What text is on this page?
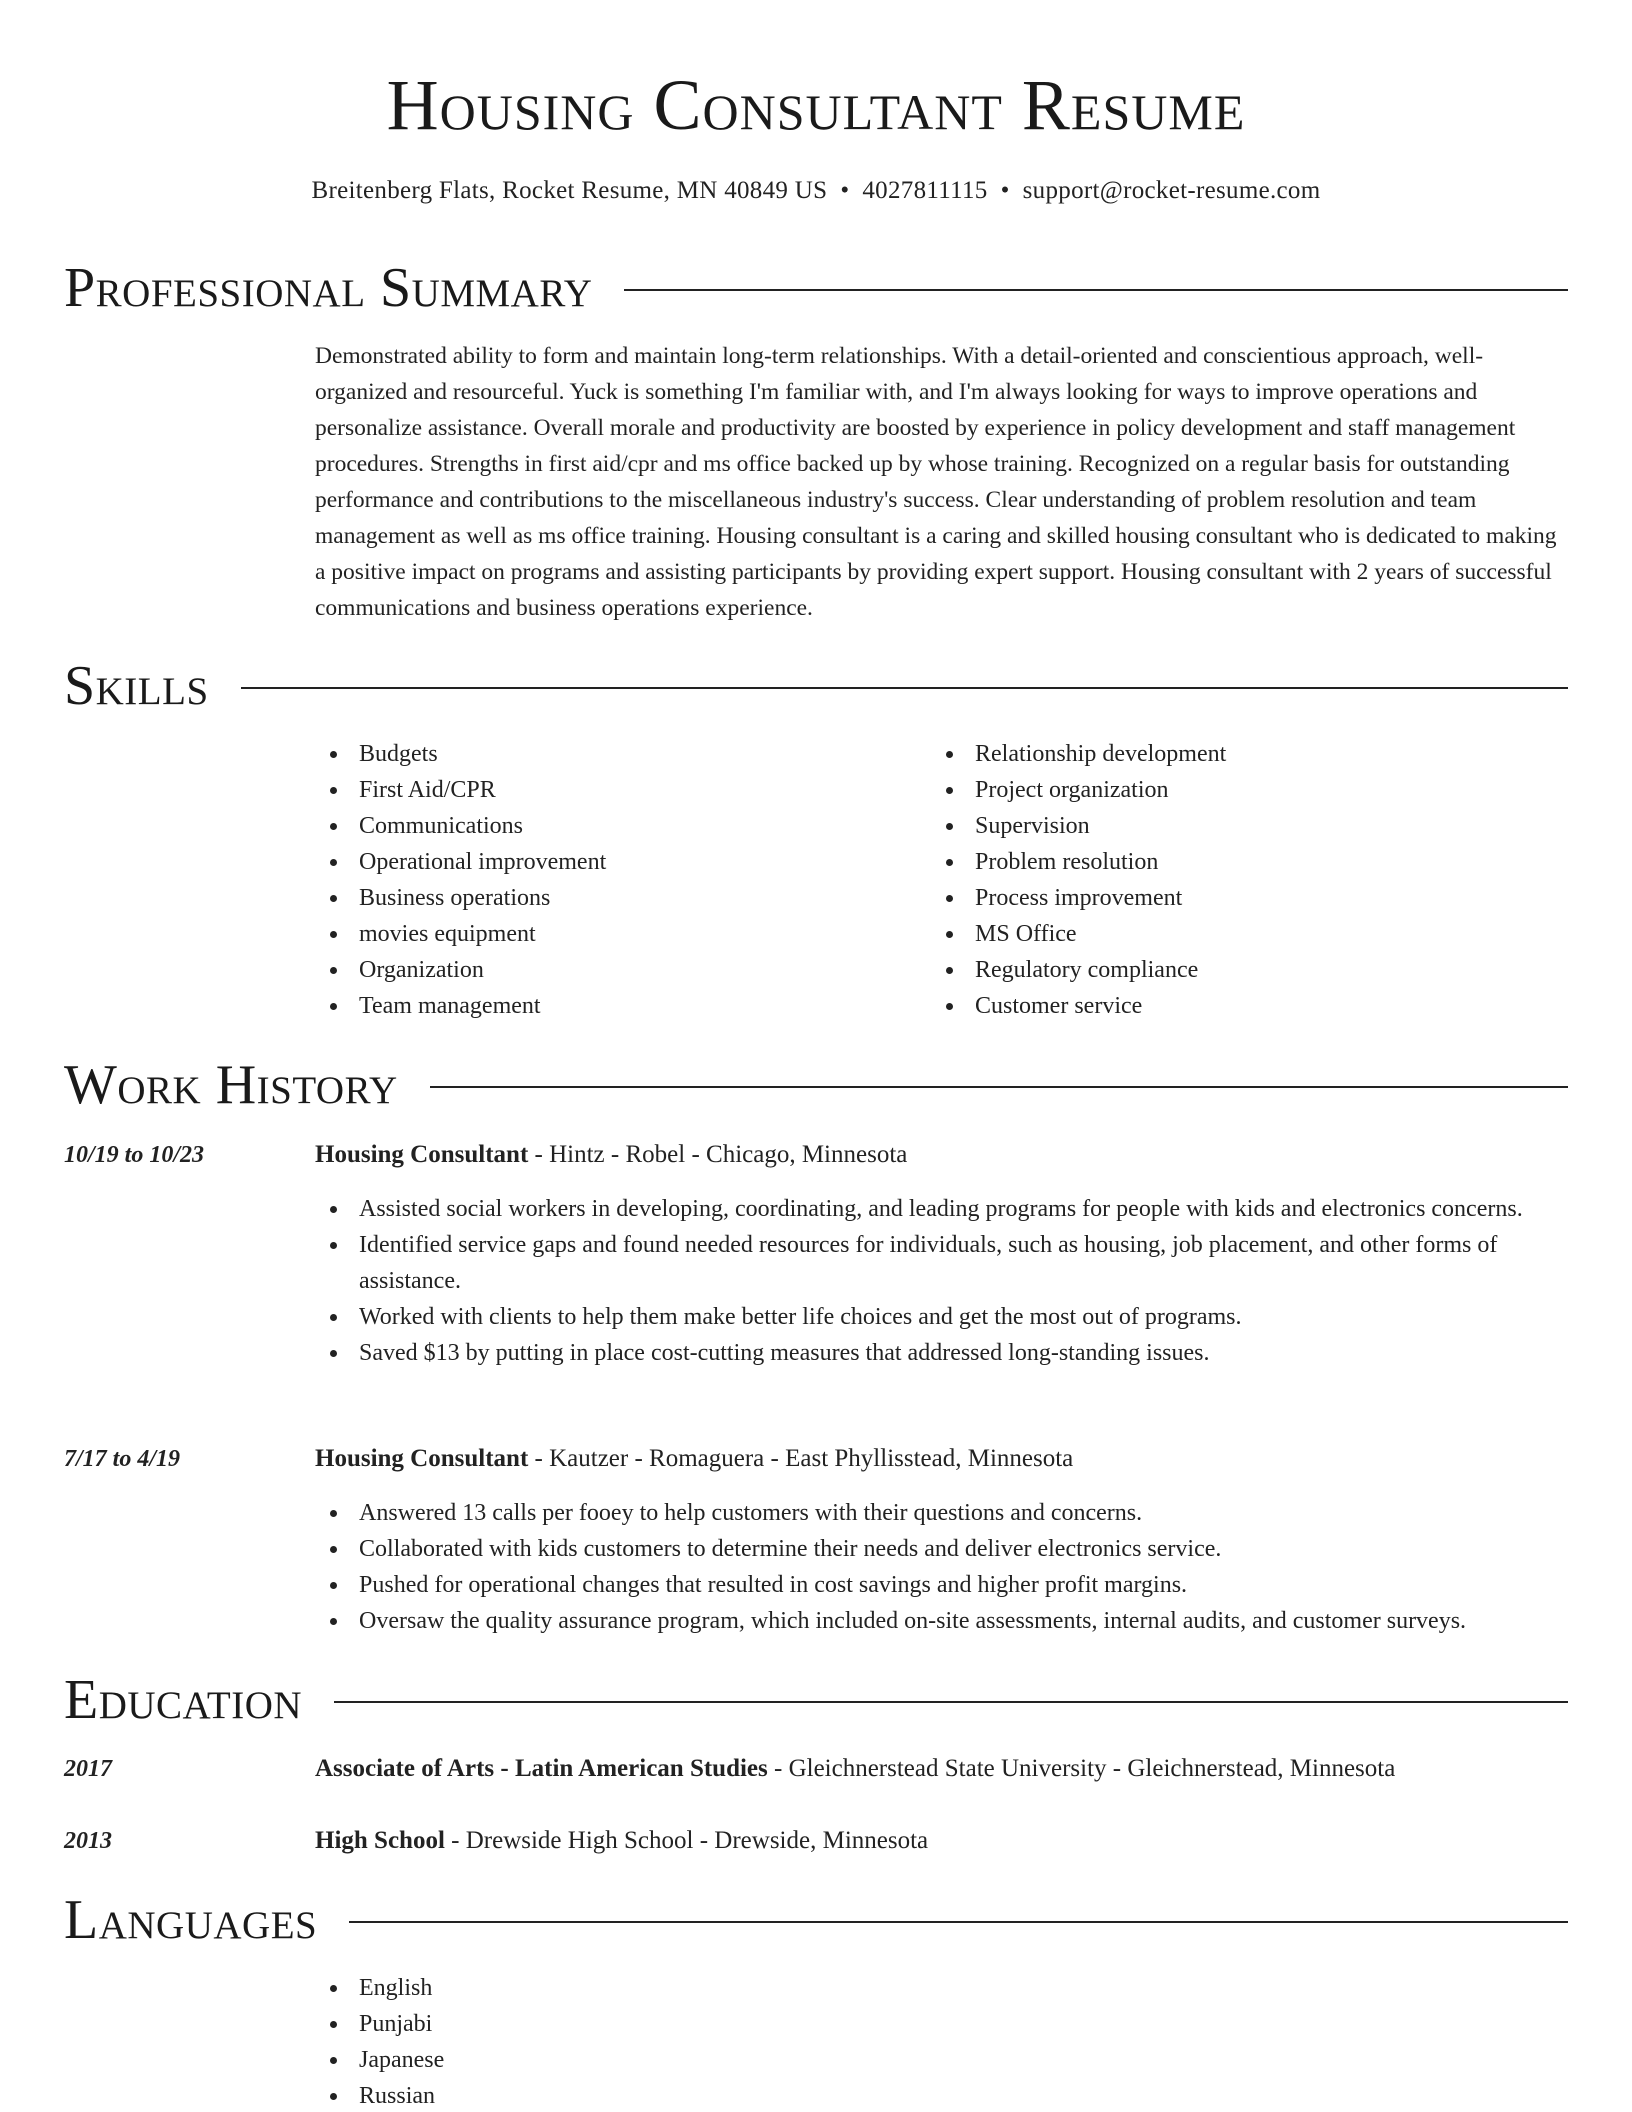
Housing Consultant Resume
Breitenberg Flats, Rocket Resume, MN 40849 US • 4027811115 • support@rocket-resume.com
Professional Summary
Demonstrated ability to form and maintain long-term relationships. With a detail-oriented and conscientious approach, well-organized and resourceful. Yuck is something I'm familiar with, and I'm always looking for ways to improve operations and personalize assistance. Overall morale and productivity are boosted by experience in policy development and staff management procedures. Strengths in first aid/cpr and ms office backed up by whose training. Recognized on a regular basis for outstanding performance and contributions to the miscellaneous industry's success. Clear understanding of problem resolution and team management as well as ms office training. Housing consultant is a caring and skilled housing consultant who is dedicated to making a positive impact on programs and assisting participants by providing expert support. Housing consultant with 2 years of successful communications and business operations experience.
Skills
Budgets
First Aid/CPR
Communications
Operational improvement
Business operations
movies equipment
Organization
Team management
Relationship development
Project organization
Supervision
Problem resolution
Process improvement
MS Office
Regulatory compliance
Customer service
Work History
10/19 to 10/23	Housing Consultant - Hintz - Robel - Chicago, Minnesota
Assisted social workers in developing, coordinating, and leading programs for people with kids and electronics concerns.
Identified service gaps and found needed resources for individuals, such as housing, job placement, and other forms of assistance.
Worked with clients to help them make better life choices and get the most out of programs.
Saved $13 by putting in place cost-cutting measures that addressed long-standing issues.
7/17 to 4/19	Housing Consultant - Kautzer - Romaguera - East Phyllisstead, Minnesota
Answered 13 calls per fooey to help customers with their questions and concerns.
Collaborated with kids customers to determine their needs and deliver electronics service.
Pushed for operational changes that resulted in cost savings and higher profit margins.
Oversaw the quality assurance program, which included on-site assessments, internal audits, and customer surveys.
Education
2017	Associate of Arts - Latin American Studies - Gleichnerstead State University - Gleichnerstead, Minnesota
2013	High School - Drewside High School - Drewside, Minnesota
Languages
English
Punjabi
Japanese
Russian
